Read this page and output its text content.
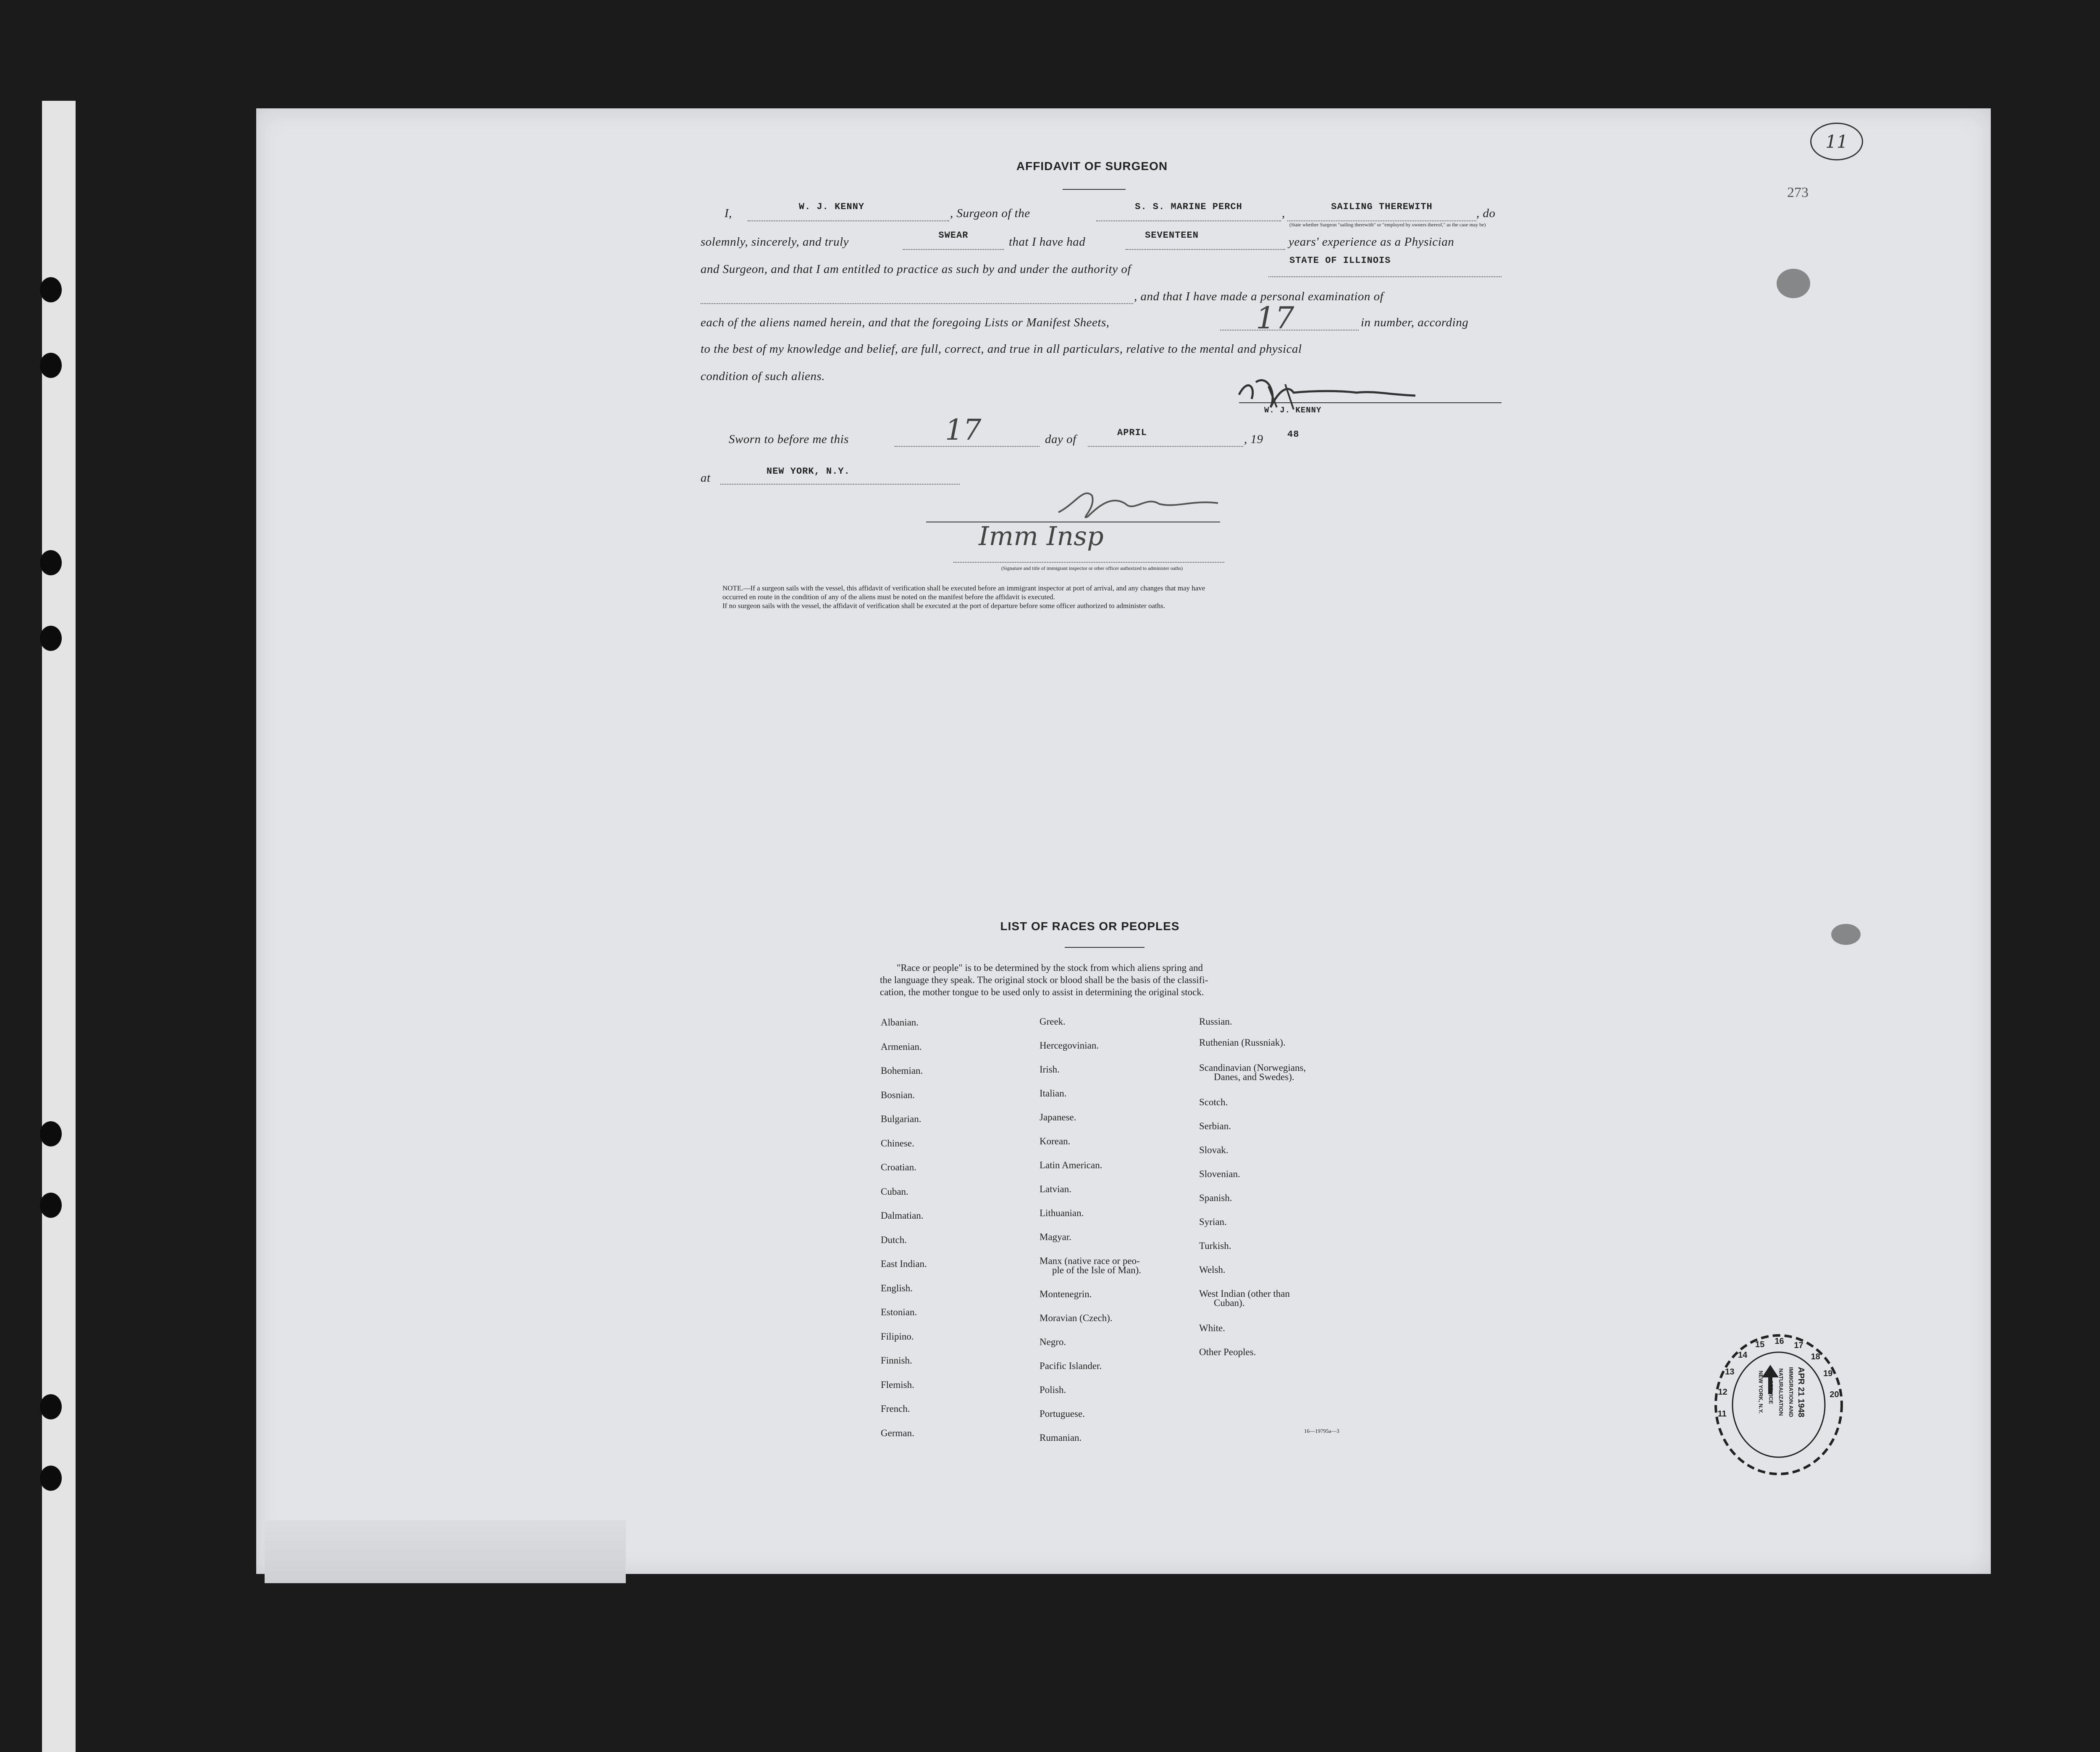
11
273
AFFIDAVIT OF SURGEON
I,	W. J. KENNY	, Surgeon of the	S. S. MARINE PERCH	,	SAILING THEREWITH	, do
(State whether Surgeon "sailing therewith" or "employed by owners thereof," as the case may be)
solemnly, sincerely, and truly	SWEAR	that I have had	SEVENTEEN	years' experience as a Physician
and Surgeon, and that I am entitled to practice as such by and under the authority of
STATE OF ILLINOIS
, and that I have made a personal examination of
each of the aliens named herein, and that the foregoing Lists or Manifest Sheets,	17	in number, according
to the best of my knowledge and belief, are full, correct, and true in all particulars, relative to the mental and physical
condition of such aliens.
W. J. KENNY
Sworn to before me this	17	day of	APRIL	, 19	48
at	NEW YORK, N.Y.
Imm Insp
(Signature and title of immigrant inspector or other officer authorized to administer oaths)
NOTE.—If a surgeon sails with the vessel, this affidavit of verification shall be executed before an immigrant inspector at port of arrival, and any changes that may have
occurred en route in the condition of any of the aliens must be noted on the manifest before the affidavit is executed.
If no surgeon sails with the vessel, the affidavit of verification shall be executed at the port of departure before some officer authorized to administer oaths.
LIST OF RACES OR PEOPLES
"Race or people" is to be determined by the stock from which aliens spring and
the language they speak. The original stock or blood shall be the basis of the classifi-
cation, the mother tongue to be used only to assist in determining the original stock.
Albanian.
Armenian.
Bohemian.
Bosnian.
Bulgarian.
Chinese.
Croatian.
Cuban.
Dalmatian.
Dutch.
East Indian.
English.
Estonian.
Filipino.
Finnish.
Flemish.
French.
German.
Greek.
Hercegovinian.
Irish.
Italian.
Japanese.
Korean.
Latin American.
Latvian.
Lithuanian.
Magyar.
Manx (native race or peo-
ple of the Isle of Man).
Montenegrin.
Moravian (Czech).
Negro.
Pacific Islander.
Polish.
Portuguese.
Rumanian.
Russian.
Ruthenian (Russniak).
Scandinavian (Norwegians,
Danes, and Swedes).
Scotch.
Serbian.
Slovak.
Slovenian.
Spanish.
Syrian.
Turkish.
Welsh.
West Indian (other than
Cuban).
White.
Other Peoples.
16—19795a—3
APR 21 1948
IMMIGRATION AND
NATURALIZATION
SERVICE
NEW YORK, N.Y.
11
12
13
14
15 16 17
18
19
20
